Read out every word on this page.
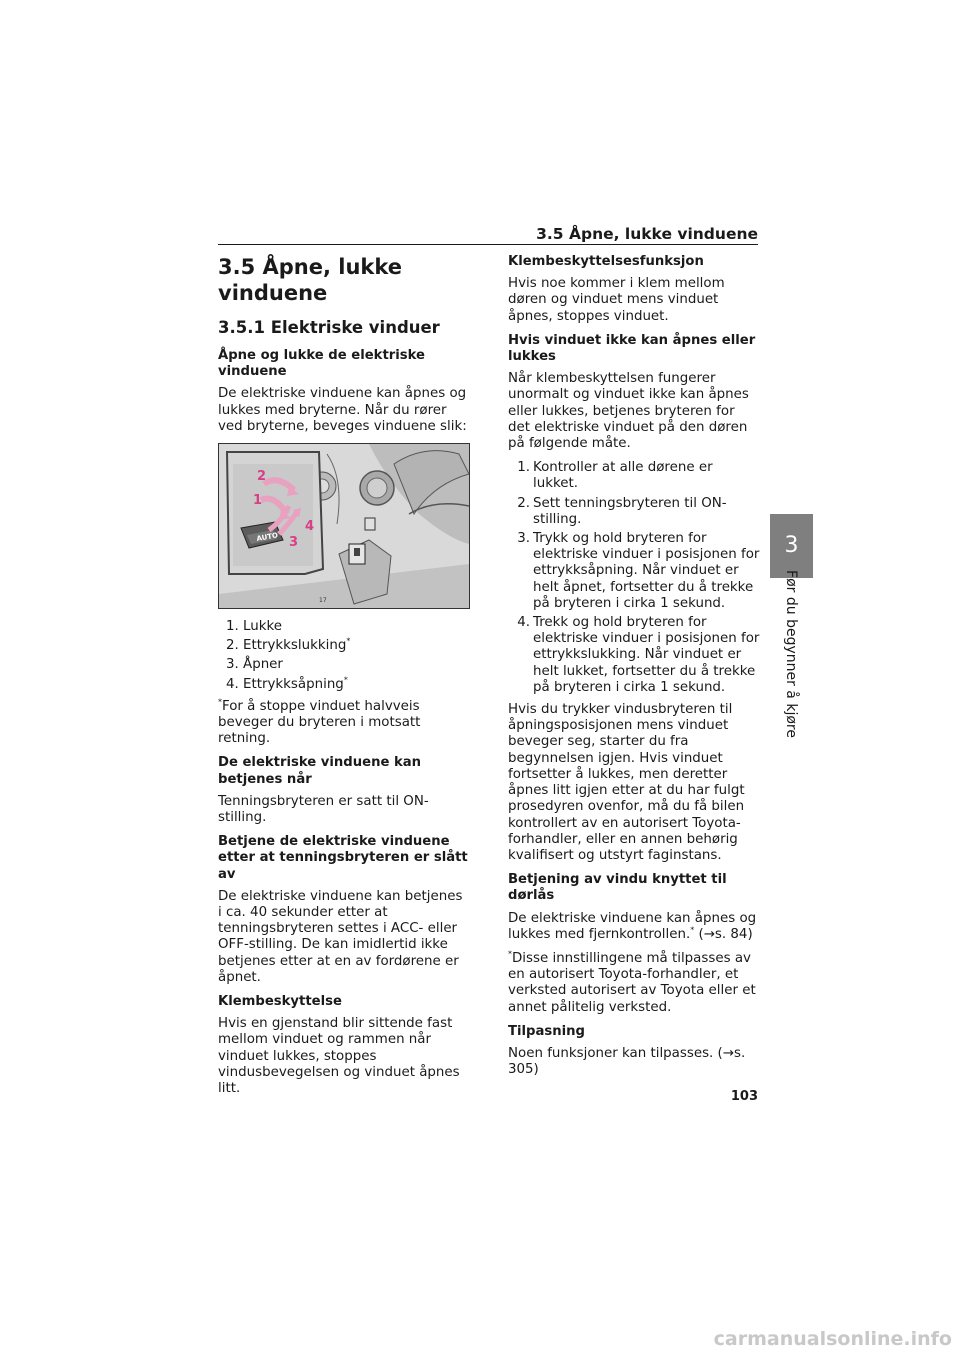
3.5 Åpne, lukke vinduene
3.5 Åpne, lukke vinduene
3.5.1 Elektriske vinduer
Åpne og lukke de elektriske vinduene

De elektriske vinduene kan åpnes og lukkes med bryterne. Når du rører ved bryterne, beveges vinduene slik:

AUTO
1
2
3
4
17
1. Lukke
2. Ettrykkslukking*
3. Åpner
4. Ettrykksåpning*

*For å stoppe vinduet halvveis beveger du bryteren i motsatt retning.

De elektriske vinduene kan betjenes når

Tenningsbryteren er satt til ON-stilling.

Betjene de elektriske vinduene etter at tenningsbryteren er slått av

De elektriske vinduene kan betjenes i ca. 40 sekunder etter at tenningsbryteren settes i ACC- eller OFF-stilling. De kan imidlertid ikke betjenes etter at en av fordørene er åpnet.

Klembeskyttelse

Hvis en gjenstand blir sittende fast mellom vinduet og rammen når vinduet lukkes, stoppes vindusbevegelsen og vinduet åpnes litt.

Klembeskyttelsesfunksjon

Hvis noe kommer i klem mellom døren og vinduet mens vinduet åpnes, stoppes vinduet.

Hvis vinduet ikke kan åpnes eller lukkes

Når klembeskyttelsen fungerer unormalt og vinduet ikke kan åpnes eller lukkes, betjenes bryteren for det elektriske vinduet på den døren på følgende måte.

1. Kontroller at alle dørene er lukket.
2. Sett tenningsbryteren til ON-stilling.
3. Trykk og hold bryteren for elektriske vinduer i posisjonen for ettrykksåpning. Når vinduet er helt åpnet, fortsetter du å trekke på bryteren i cirka 1 sekund.
4. Trekk og hold bryteren for elektriske vinduer i posisjonen for ettrykkslukking. Når vinduet er helt lukket, fortsetter du å trekke på bryteren i cirka 1 sekund.

Hvis du trykker vindusbryteren til åpningsposisjonen mens vinduet beveger seg, starter du fra begynnelsen igjen. Hvis vinduet fortsetter å lukkes, men deretter åpnes litt igjen etter at du har fulgt prosedyren ovenfor, må du få bilen kontrollert av en autorisert Toyota-forhandler, eller en annen behørig kvalifisert og utstyrt faginstans.

Betjening av vindu knyttet til dørlås

De elektriske vinduene kan åpnes og lukkes med fjernkontrollen.* (→s. 84)

*Disse innstillingene må tilpasses av en autorisert Toyota-forhandler, et verksted autorisert av Toyota eller et annet pålitelig verksted.

Tilpasning

Noen funksjoner kan tilpasses. (→s. 305)

3
Før du begynner å kjøre
103
carmanualsonline.info
